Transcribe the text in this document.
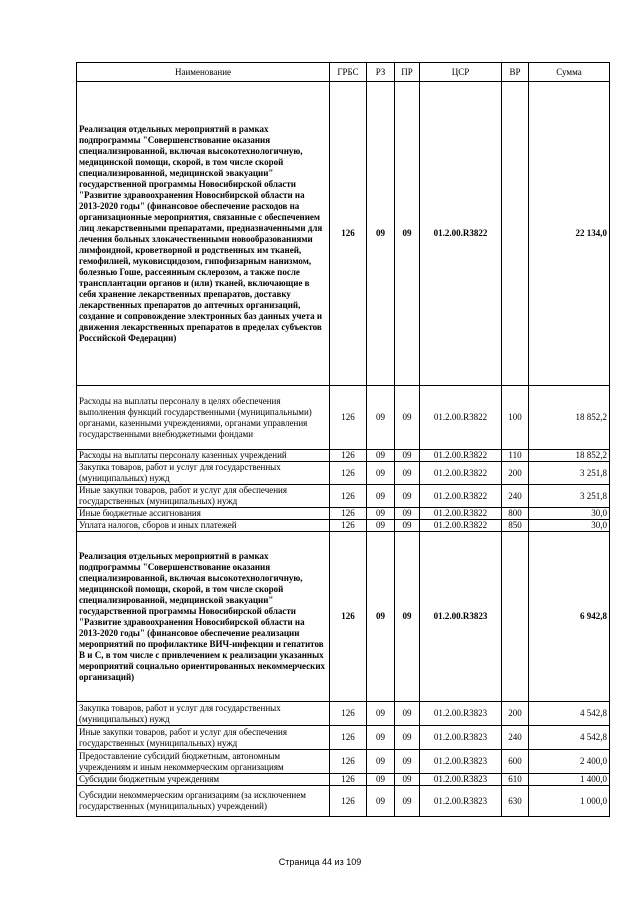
Наименование	ГРБС	РЗ	ПР	ЦСР	ВР	Сумма
Реализация отдельных мероприятий в рамках подпрограммы "Совершенствование оказания специализированной, включая высокотехнологичную, медицинской помощи, скорой, в том числе скорой специализированной, медицинской эвакуации" государственной программы Новосибирской области "Развитие здравоохранения Новосибирской области на 2013-2020 годы" (финансовое обеспечение расходов на организационные мероприятия, связанные с обеспечением лиц лекарственными препаратами, предназначенными для лечения больных злокачественными новообразованиями лимфоидной, кроветворной и родственных им тканей, гемофилией, муковисцидозом, гипофизарным нанизмом, болезнью Гоше, рассеянным склерозом, а также после трансплантации органов и (или) тканей, включающие в себя хранение лекарственных препаратов, доставку лекарственных препаратов до аптечных организаций, создание и сопровождение электронных баз данных учета и движения лекарственных препаратов в пределах субъектов Российской Федерации)	126	09	09	01.2.00.R3822		22 134,0
Расходы на выплаты персоналу в целях обеспечения выполнения функций государственными (муниципальными) органами, казенными учреждениями, органами управления государственными внебюджетными фондами	126	09	09	01.2.00.R3822	100	18 852,2
Расходы на выплаты персоналу казенных учреждений	126	09	09	01.2.00.R3822	110	18 852,2
Закупка товаров, работ и услуг для государственных (муниципальных) нужд	126	09	09	01.2.00.R3822	200	3 251,8
Иные закупки товаров, работ и услуг для обеспечения государственных (муниципальных) нужд	126	09	09	01.2.00.R3822	240	3 251,8
Иные бюджетные ассигнования	126	09	09	01.2.00.R3822	800	30,0
Уплата налогов, сборов и иных платежей	126	09	09	01.2.00.R3822	850	30,0
Реализация отдельных мероприятий в рамках подпрограммы "Совершенствование оказания специализированной, включая высокотехнологичную, медицинской помощи, скорой, в том числе скорой специализированной, медицинской эвакуации" государственной программы Новосибирской области "Развитие здравоохранения Новосибирской области на 2013-2020 годы" (финансовое обеспечение реализации мероприятий по профилактике ВИЧ-инфекции и гепатитов В и С, в том числе с привлечением к реализации указанных мероприятий социально ориентированных некоммерческих организаций)	126	09	09	01.2.00.R3823		6 942,8
Закупка товаров, работ и услуг для государственных (муниципальных) нужд	126	09	09	01.2.00.R3823	200	4 542,8
Иные закупки товаров, работ и услуг для обеспечения государственных (муниципальных) нужд	126	09	09	01.2.00.R3823	240	4 542,8
Предоставление субсидий бюджетным, автономным учреждениям и иным некоммерческим организациям	126	09	09	01.2.00.R3823	600	2 400,0
Субсидии бюджетным учреждениям	126	09	09	01.2.00.R3823	610	1 400,0
Субсидии некоммерческим организациям (за исключением государственных (муниципальных) учреждений)	126	09	09	01.2.00.R3823	630	1 000,0
Страница 44 из 109
